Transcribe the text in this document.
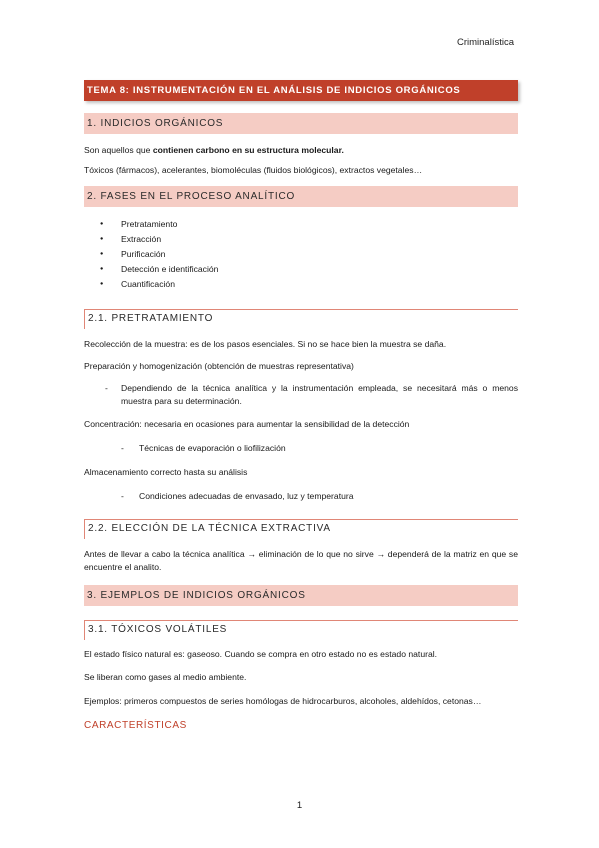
Criminalística
TEMA 8: INSTRUMENTACIÓN EN EL ANÁLISIS DE INDICIOS ORGÁNICOS
1. INDICIOS ORGÁNICOS

Son aquellos que contienen carbono en su estructura molecular.

Tóxicos (fármacos), acelerantes, biomoléculas (fluidos biológicos), extractos vegetales…

2. FASES EN EL PROCESO ANALÍTICO
● Pretratamiento
● Extracción
● Purificación
● Detección e identificación
● Cuantificación
2.1. PRETRATAMIENTO

Recolección de la muestra: es de los pasos esenciales. Si no se hace bien la muestra se daña.

Preparación y homogenización (obtención de muestras representativa)

- Dependiendo de la técnica analítica y la instrumentación empleada, se necesitará más o menos muestra para su determinación.

Concentración: necesaria en ocasiones para aumentar la sensibilidad de la detección

- Técnicas de evaporación o liofilización

Almacenamiento correcto hasta su análisis

- Condiciones adecuadas de envasado, luz y temperatura
2.2. ELECCIÓN DE LA TÉCNICA EXTRACTIVA

Antes de llevar a cabo la técnica analítica → eliminación de lo que no sirve → dependerá de la matriz en que se encuentre el analito.

3. EJEMPLOS DE INDICIOS ORGÁNICOS
3.1. TÓXICOS VOLÁTILES

El estado físico natural es: gaseoso. Cuando se compra en otro estado no es estado natural.

Se liberan como gases al medio ambiente.

Ejemplos: primeros compuestos de series homólogas de hidrocarburos, alcoholes, aldehídos, cetonas…

CARACTERÍSTICAS
1
